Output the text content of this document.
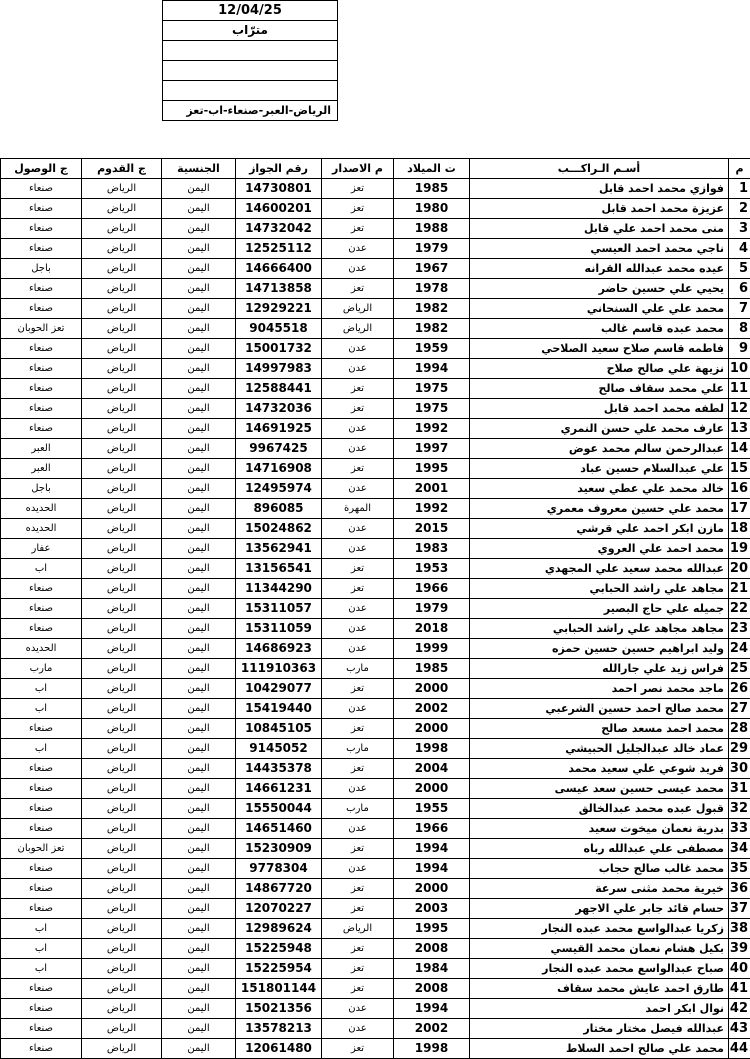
12/04/25
مترّاب

الرياض-العبر-صنعاء-اب-تعز
م	أسـم الـراكـــب	ت الميلاد	م الاصدار	رقم الجواز	الجنسية	ج القدوم	ج الوصول
1	فوازي محمد احمد قابل	1985	تعز	14730801	اليمن	الرياض	صنعاء
2	عزيزة محمد احمد قابل	1980	تعز	14600201	اليمن	الرياض	صنعاء
3	منى محمد احمد علي قابل	1988	تعز	14732042	اليمن	الرياض	صنعاء
4	ناجي محمد احمد العيسي	1979	عدن	12525112	اليمن	الرياض	صنعاء
5	عيده محمد عبدالله القرانه	1967	عدن	14666400	اليمن	الرياض	باجل
6	يحيي علي حسين حاضر	1978	تعز	14713858	اليمن	الرياض	صنعاء
7	محمد علي علي السنحاني	1982	الرياض	12929221	اليمن	الرياض	صنعاء
8	محمد عبده قاسم غالب	1982	الرياض	9045518	اليمن	الرياض	تعز الحوبان
9	فاطمه قاسم صلاح سعيد الصلاحي	1959	عدن	15001732	اليمن	الرياض	صنعاء
10	نزيهة علي صالح صلاح	1994	عدن	14997983	اليمن	الرياض	صنعاء
11	علي محمد سقاف صالح	1975	تعز	12588441	اليمن	الرياض	صنعاء
12	لطفه محمد احمد قابل	1975	تعز	14732036	اليمن	الرياض	صنعاء
13	عارف محمد علي حسن النمري	1992	عدن	14691925	اليمن	الرياض	صنعاء
14	عبدالرحمن سالم محمد عوض	1997	عدن	9967425	اليمن	الرياض	العبر
15	علي عبدالسلام حسين عباد	1995	تعز	14716908	اليمن	الرياض	العبر
16	خالد محمد علي عطي سعيد	2001	عدن	12495974	اليمن	الرياض	باجل
17	محمد علي حسين معروف معمري	1992	المهرة	896085	اليمن	الرياض	الحديده
18	مازن ابكر احمد علي قرشي	2015	عدن	15024862	اليمن	الرياض	الحديده
19	محمد احمد علي العروي	1983	عدن	13562941	اليمن	الرياض	عفار
20	عبدالله محمد سعيد علي المجهدي	1953	تعز	13156541	اليمن	الرياض	اب
21	مجاهد علي راشد الحبابي	1966	تعز	11344290	اليمن	الرياض	صنعاء
22	جميله علي حاج البصير	1979	عدن	15311057	اليمن	الرياض	صنعاء
23	مجاهد مجاهد علي راشد الحبابي	2018	عدن	15311059	اليمن	الرياض	صنعاء
24	وليد ابراهيم حسين حسين حمزه	1999	عدن	14686923	اليمن	الرياض	الحديده
25	فراس زيد علي جارالله	1985	مارب	111910363	اليمن	الرياض	مارب
26	ماجد محمد نصر احمد	2000	تعز	10429077	اليمن	الرياض	اب
27	محمد صالح احمد حسين الشرعبي	2002	عدن	15419440	اليمن	الرياض	اب
28	محمد احمد مسعد صالح	2000	تعز	10845105	اليمن	الرياض	صنعاء
29	عماد خالد عبدالجليل الحبيشي	1998	مارب	9145052	اليمن	الرياض	اب
30	فريد شوعي علي سعيد محمد	2004	تعز	14435378	اليمن	الرياض	صنعاء
31	محمد عيسى حسين سعد عيسى	2000	عدن	14661231	اليمن	الرياض	صنعاء
32	قبول عبده محمد عبدالخالق	1955	مارب	15550044	اليمن	الرياض	صنعاء
33	بدرية نعمان ميخوت سعيد	1966	عدن	14651460	اليمن	الرياض	صنعاء
34	مصطفى علي عبدالله رباه	1994	تعز	15230909	اليمن	الرياض	تعز الحوبان
35	محمد غالب صالح حجاب	1994	عدن	9778304	اليمن	الرياض	صنعاء
36	خيرية محمد مثنى سرعة	2000	تعز	14867720	اليمن	الرياض	صنعاء
37	حسام قائد جابر علي الاجهر	2003	تعز	12070227	اليمن	الرياض	صنعاء
38	زكريا عبدالواسع محمد عبده النجار	1995	الرياض	12989624	اليمن	الرياض	اب
39	بكيل هشام نعمان محمد القيسي	2008	تعز	15225948	اليمن	الرياض	اب
40	صباح عبدالواسع محمد عبده النجار	1984	تعز	15225954	اليمن	الرياض	اب
41	طارق احمد عايش محمد سقاف	2008	تعز	151801144	اليمن	الرياض	صنعاء
42	نوال ابكر احمد	1994	عدن	15021356	اليمن	الرياض	صنعاء
43	عبدالله فيصل مختار مختار	2002	عدن	13578213	اليمن	الرياض	صنعاء
44	محمد علي صالح احمد السلاط	1998	تعز	12061480	اليمن	الرياض	صنعاء
